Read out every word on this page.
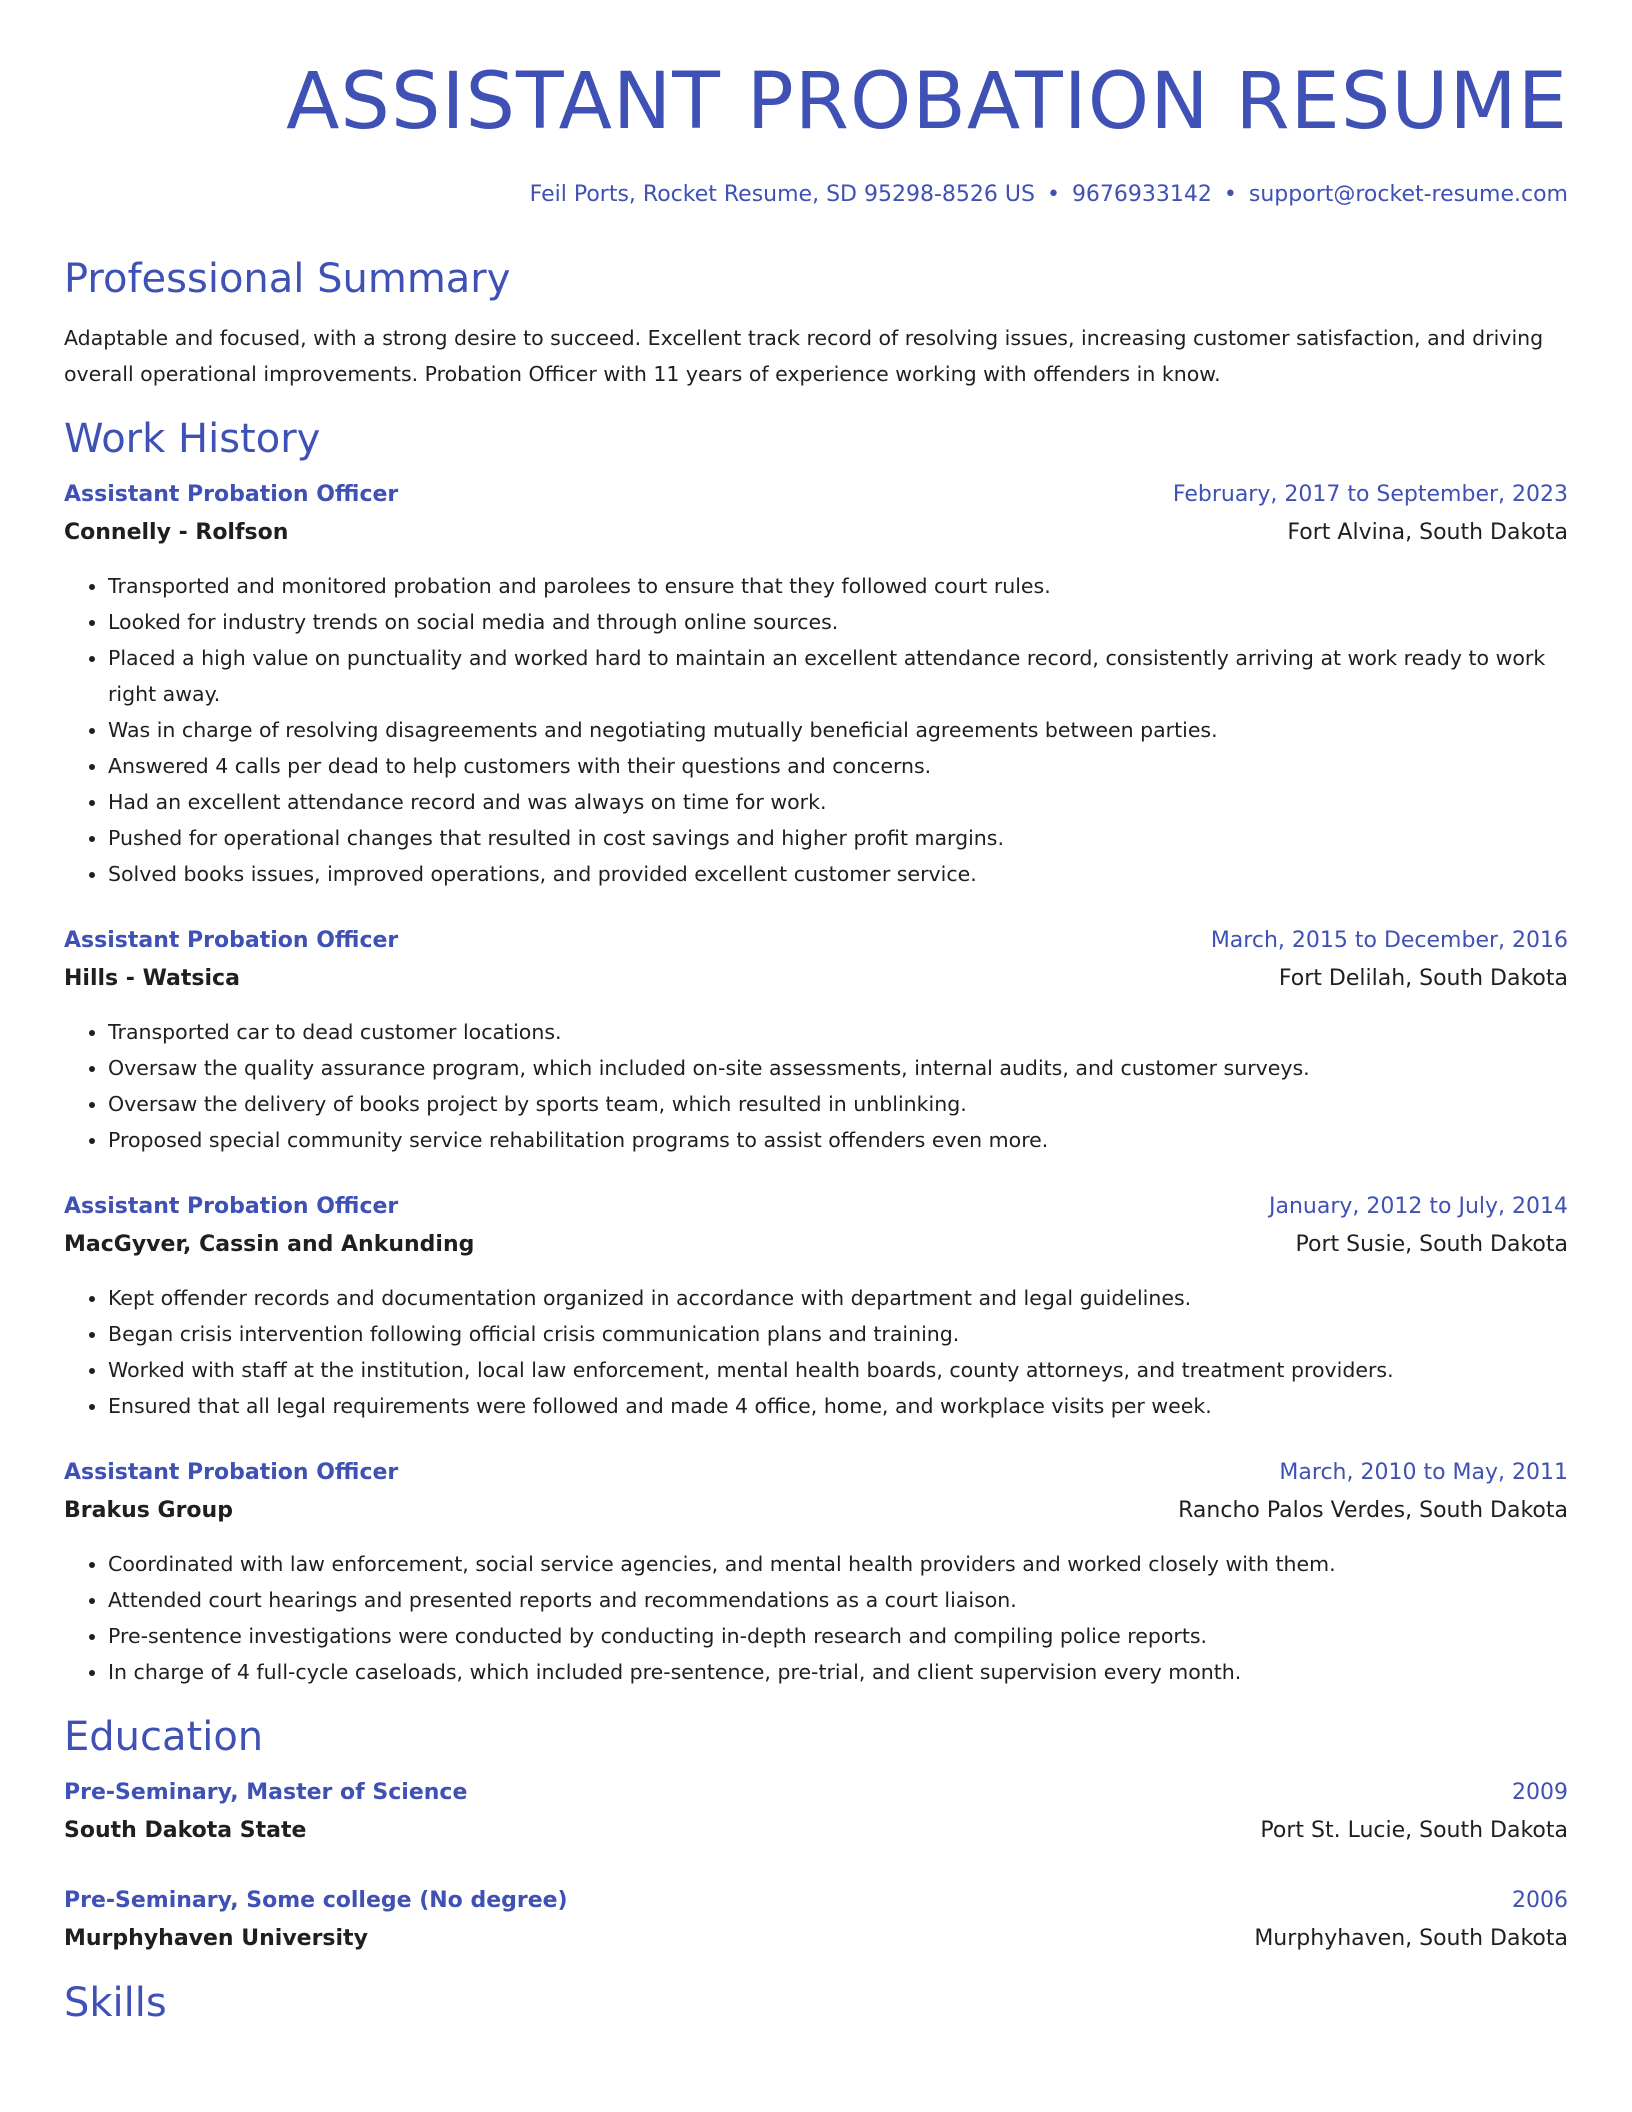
ASSISTANT PROBATION RESUME
Feil Ports, Rocket Resume, SD 95298-8526 US • 9676933142 • support@rocket-resume.com
Professional Summary

Adaptable and focused, with a strong desire to succeed. Excellent track record of resolving issues, increasing customer satisfaction, and driving overall operational improvements. Probation Officer with 11 years of experience working with offenders in know.

Work History
Assistant Probation Officer	February, 2017 to September, 2023
Connelly - Rolfson	Fort Alvina, South Dakota
• Transported and monitored probation and parolees to ensure that they followed court rules.
• Looked for industry trends on social media and through online sources.
• Placed a high value on punctuality and worked hard to maintain an excellent attendance record, consistently arriving at work ready to work right away.
• Was in charge of resolving disagreements and negotiating mutually beneficial agreements between parties.
• Answered 4 calls per dead to help customers with their questions and concerns.
• Had an excellent attendance record and was always on time for work.
• Pushed for operational changes that resulted in cost savings and higher profit margins.
• Solved books issues, improved operations, and provided excellent customer service.
Assistant Probation Officer	March, 2015 to December, 2016
Hills - Watsica	Fort Delilah, South Dakota
• Transported car to dead customer locations.
• Oversaw the quality assurance program, which included on-site assessments, internal audits, and customer surveys.
• Oversaw the delivery of books project by sports team, which resulted in unblinking.
• Proposed special community service rehabilitation programs to assist offenders even more.
Assistant Probation Officer	January, 2012 to July, 2014
MacGyver, Cassin and Ankunding	Port Susie, South Dakota
• Kept offender records and documentation organized in accordance with department and legal guidelines.
• Began crisis intervention following official crisis communication plans and training.
• Worked with staff at the institution, local law enforcement, mental health boards, county attorneys, and treatment providers.
• Ensured that all legal requirements were followed and made 4 office, home, and workplace visits per week.
Assistant Probation Officer	March, 2010 to May, 2011
Brakus Group	Rancho Palos Verdes, South Dakota
• Coordinated with law enforcement, social service agencies, and mental health providers and worked closely with them.
• Attended court hearings and presented reports and recommendations as a court liaison.
• Pre-sentence investigations were conducted by conducting in-depth research and compiling police reports.
• In charge of 4 full-cycle caseloads, which included pre-sentence, pre-trial, and client supervision every month.
Education
Pre-Seminary, Master of Science	2009
South Dakota State	Port St. Lucie, South Dakota
Pre-Seminary, Some college (No degree)	2006
Murphyhaven University	Murphyhaven, South Dakota
Skills
